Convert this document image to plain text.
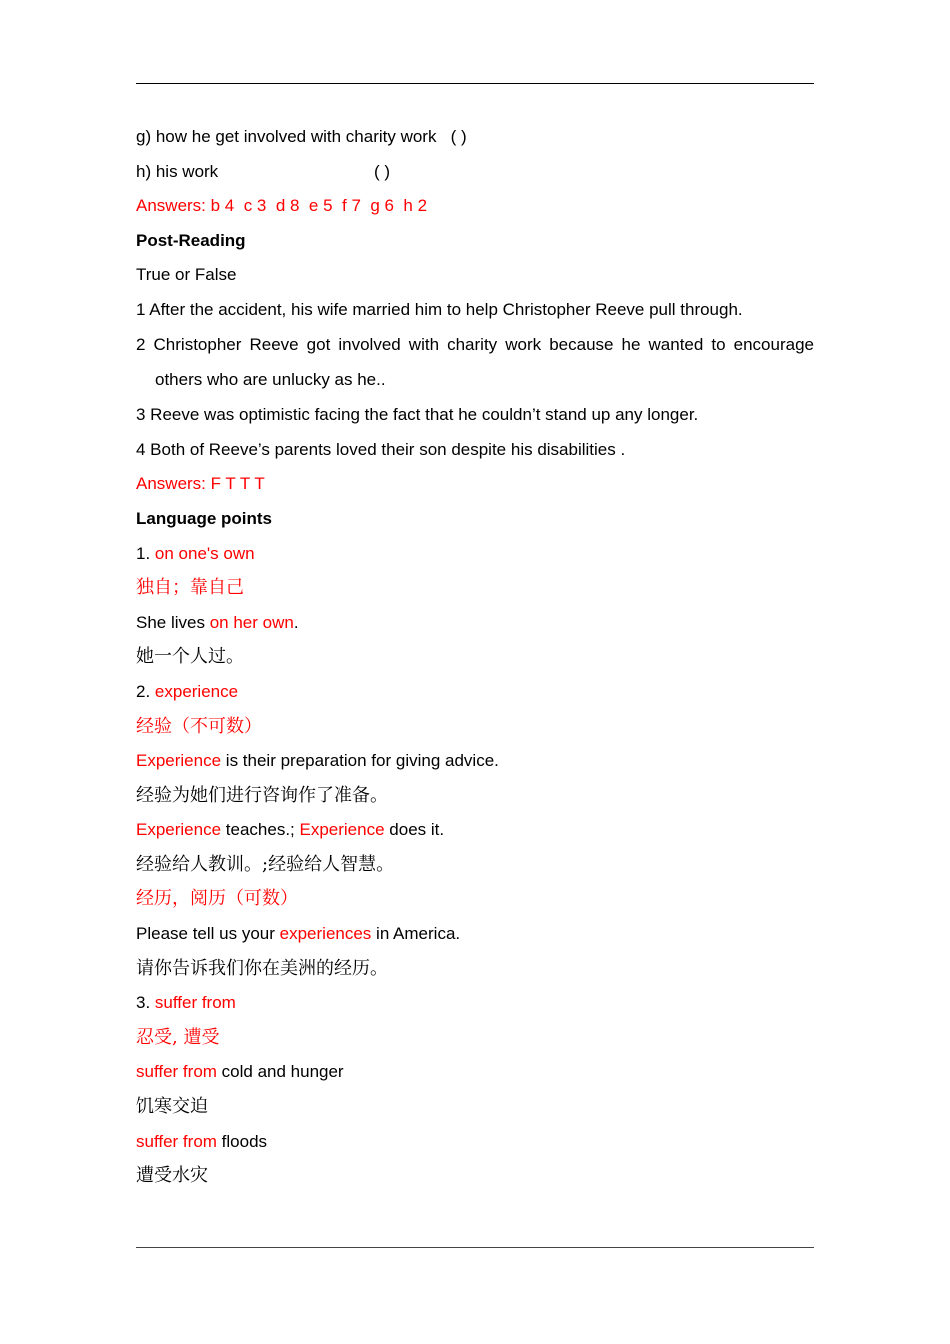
g) how he get involved with charity work   ( )
h) his work                                 ( )
Answers: b 4  c 3  d 8  e 5  f 7  g 6  h 2
Post-Reading
True or False
1 After the accident, his wife married him to help Christopher Reeve pull through.
2 Christopher Reeve got involved with charity work because he wanted to encourage
others who are unlucky as he..
3 Reeve was optimistic facing the fact that he couldn’t stand up any longer.
4 Both of Reeve’s parents loved their son despite his disabilities .
Answers: F T T T
Language points
1. on one's own
独自；靠自己
She lives on her own.
她一个人过。
2. experience
经验（不可数）
Experience is their preparation for giving advice.
经验为她们进行咨询作了准备。
Experience teaches.; Experience does it.
经验给人教训。;经验给人智慧。
经历，阅历（可数）
Please tell us your experiences in America.
请你告诉我们你在美洲的经历。
3. suffer from
忍受, 遭受
suffer from cold and hunger
饥寒交迫
suffer from floods
遭受水灾
